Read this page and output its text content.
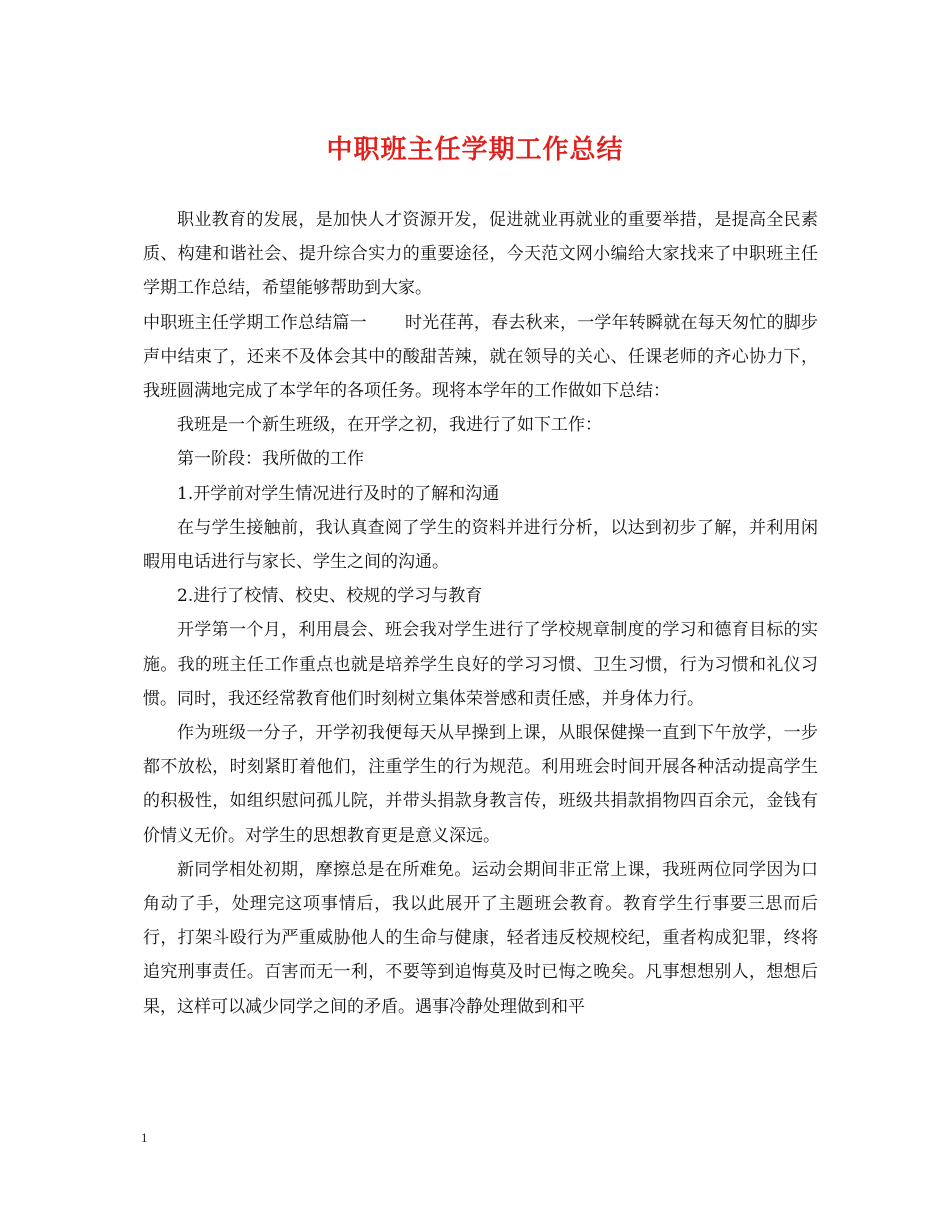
中职班主任学期工作总结

职业教育的发展，是加快人才资源开发，促进就业再就业的重要举措，是提高全民素质、构建和谐社会、提升综合实力的重要途径，今天范文网小编给大家找来了中职班主任学期工作总结，希望能够帮助到大家。

中职班主任学期工作总结篇一 时光荏苒，春去秋来，一学年转瞬就在每天匆忙的脚步声中结束了，还来不及体会其中的酸甜苦辣，就在领导的关心、任课老师的齐心协力下，我班圆满地完成了本学年的各项任务。现将本学年的工作做如下总结：

我班是一个新生班级，在开学之初，我进行了如下工作：

第一阶段：我所做的工作

1.开学前对学生情况进行及时的了解和沟通

在与学生接触前，我认真查阅了学生的资料并进行分析，以达到初步了解，并利用闲暇用电话进行与家长、学生之间的沟通。

2.进行了校情、校史、校规的学习与教育

开学第一个月，利用晨会、班会我对学生进行了学校规章制度的学习和德育目标的实施。我的班主任工作重点也就是培养学生良好的学习习惯、卫生习惯，行为习惯和礼仪习惯。同时，我还经常教育他们时刻树立集体荣誉感和责任感，并身体力行。

作为班级一分子，开学初我便每天从早操到上课，从眼保健操一直到下午放学，一步都不放松，时刻紧盯着他们，注重学生的行为规范。利用班会时间开展各种活动提高学生的积极性，如组织慰问孤儿院，并带头捐款身教言传，班级共捐款捐物四百余元，金钱有价情义无价。对学生的思想教育更是意义深远。

新同学相处初期，摩擦总是在所难免。运动会期间非正常上课，我班两位同学因为口角动了手，处理完这项事情后，我以此展开了主题班会教育。教育学生行事要三思而后行，打架斗殴行为严重威胁他人的生命与健康，轻者违反校规校纪，重者构成犯罪，终将追究刑事责任。百害而无一利，不要等到追悔莫及时已悔之晚矣。凡事想想别人，想想后果，这样可以减少同学之间的矛盾。遇事冷静处理做到和平

1
